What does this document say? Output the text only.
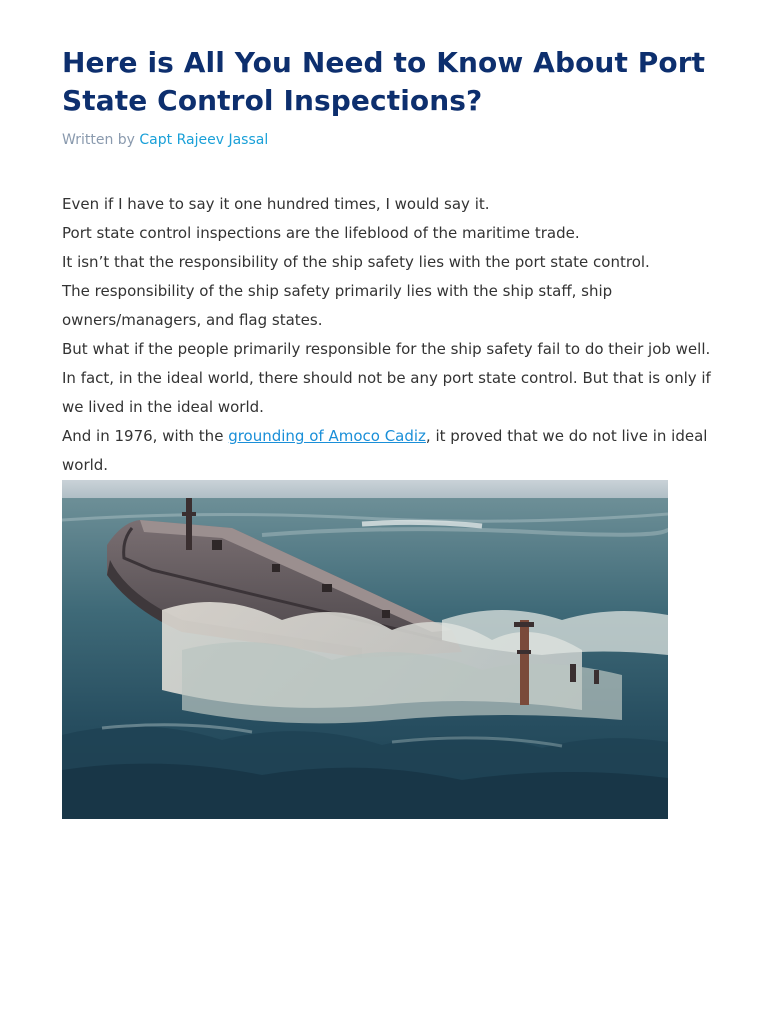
Here is All You Need to Know About Port State Control Inspections?
Written by Capt Rajeev Jassal

Even if I have to say it one hundred times, I would say it.

Port state control inspections are the lifeblood of the maritime trade.

It isn’t that the responsibility of the ship safety lies with the port state control.

The responsibility of the ship safety primarily lies with the ship staff, ship owners/managers, and flag states.

But what if the people primarily responsible for the ship safety fail to do their job well.

In fact, in the ideal world, there should not be any port state control. But that is only if we lived in the ideal world.

And in 1976, with the grounding of Amoco Cadiz, it proved that we do not live in ideal world.
